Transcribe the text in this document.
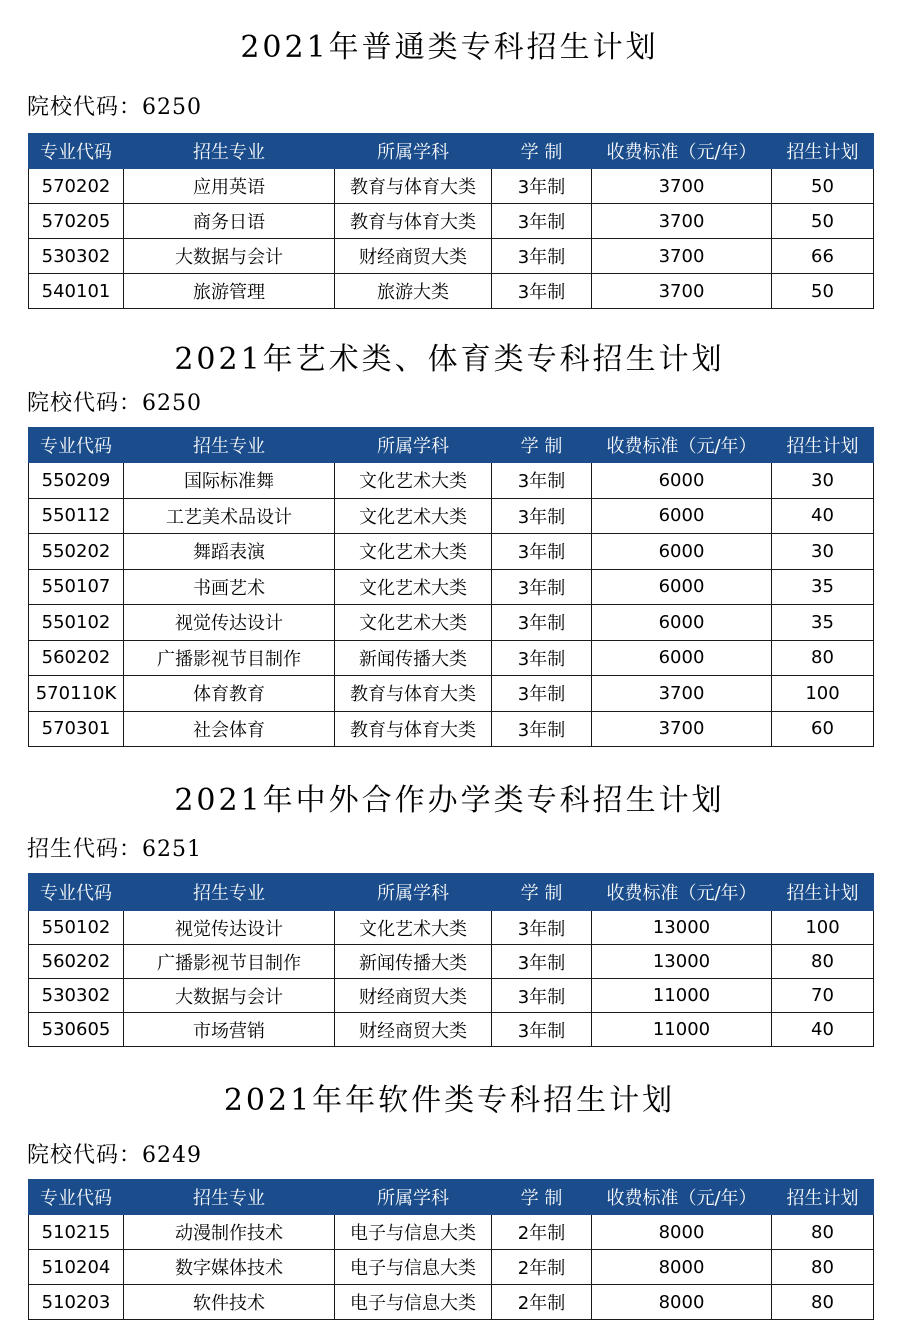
2021年普通类专科招生计划

院校代码：6250

专业代码	招生专业	所属学科	学 制	收费标准（元/年）	招生计划
570202	应用英语	教育与体育大类	3年制	3700	50
570205	商务日语	教育与体育大类	3年制	3700	50
530302	大数据与会计	财经商贸大类	3年制	3700	66
540101	旅游管理	旅游大类	3年制	3700	50
2021年艺术类、体育类专科招生计划

院校代码：6250

专业代码	招生专业	所属学科	学 制	收费标准（元/年）	招生计划
550209	国际标准舞	文化艺术大类	3年制	6000	30
550112	工艺美术品设计	文化艺术大类	3年制	6000	40
550202	舞蹈表演	文化艺术大类	3年制	6000	30
550107	书画艺术	文化艺术大类	3年制	6000	35
550102	视觉传达设计	文化艺术大类	3年制	6000	35
560202	广播影视节目制作	新闻传播大类	3年制	6000	80
570110K	体育教育	教育与体育大类	3年制	3700	100
570301	社会体育	教育与体育大类	3年制	3700	60
2021年中外合作办学类专科招生计划

招生代码：6251

专业代码	招生专业	所属学科	学 制	收费标准（元/年）	招生计划
550102	视觉传达设计	文化艺术大类	3年制	13000	100
560202	广播影视节目制作	新闻传播大类	3年制	13000	80
530302	大数据与会计	财经商贸大类	3年制	11000	70
530605	市场营销	财经商贸大类	3年制	11000	40
2021年年软件类专科招生计划

院校代码：6249

专业代码	招生专业	所属学科	学 制	收费标准（元/年）	招生计划
510215	动漫制作技术	电子与信息大类	2年制	8000	80
510204	数字媒体技术	电子与信息大类	2年制	8000	80
510203	软件技术	电子与信息大类	2年制	8000	80
